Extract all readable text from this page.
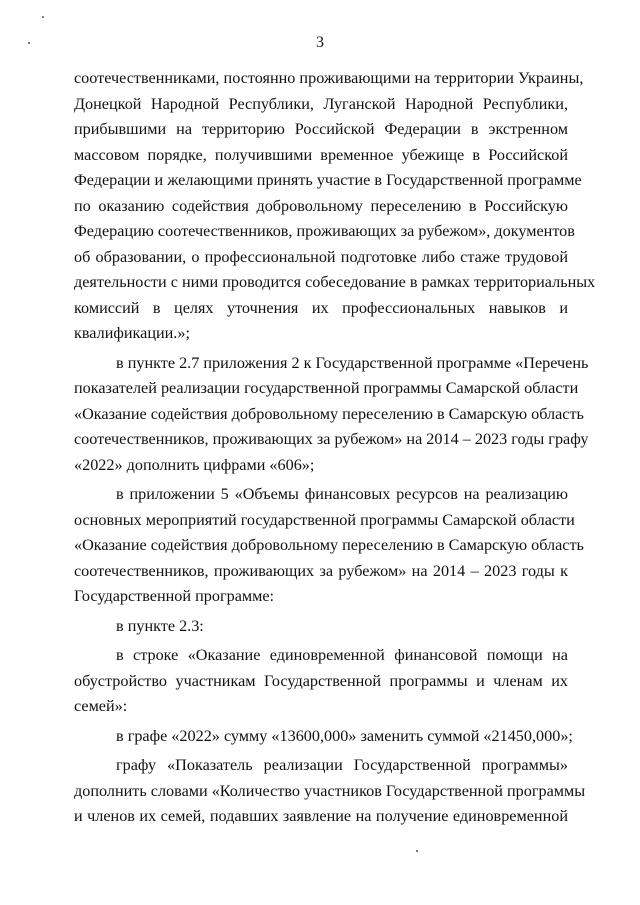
3
соотечественниками, постоянно проживающими на территории Украины,
Донецкой Народной Республики, Луганской Народной Республики,
прибывшими на территорию Российской Федерации в экстренном
массовом порядке, получившими временное убежище в Российской
Федерации и желающими принять участие в Государственной программе
по оказанию содействия добровольному переселению в Российскую
Федерацию соотечественников, проживающих за рубежом», документов
об образовании, о профессиональной подготовке либо стаже трудовой
деятельности с ними проводится собеседование в рамках территориальных
комиссий в целях уточнения их профессиональных навыков и
квалификации.»;
в пункте 2.7 приложения 2 к Государственной программе «Перечень
показателей реализации государственной программы Самарской области
«Оказание содействия добровольному переселению в Самарскую область
соотечественников, проживающих за рубежом» на 2014 – 2023 годы графу
«2022» дополнить цифрами «606»;
в приложении 5 «Объемы финансовых ресурсов на реализацию
основных мероприятий государственной программы Самарской области
«Оказание содействия добровольному переселению в Самарскую область
соотечественников, проживающих за рубежом» на 2014 – 2023 годы к
Государственной программе:
в пункте 2.3:
в строке «Оказание единовременной финансовой помощи на
обустройство участникам Государственной программы и членам их
семей»:
в графе «2022» сумму «13600,000» заменить суммой «21450,000»;
графу «Показатель реализации Государственной программы»
дополнить словами «Количество участников Государственной программы
и членов их семей, подавших заявление на получение единовременной
